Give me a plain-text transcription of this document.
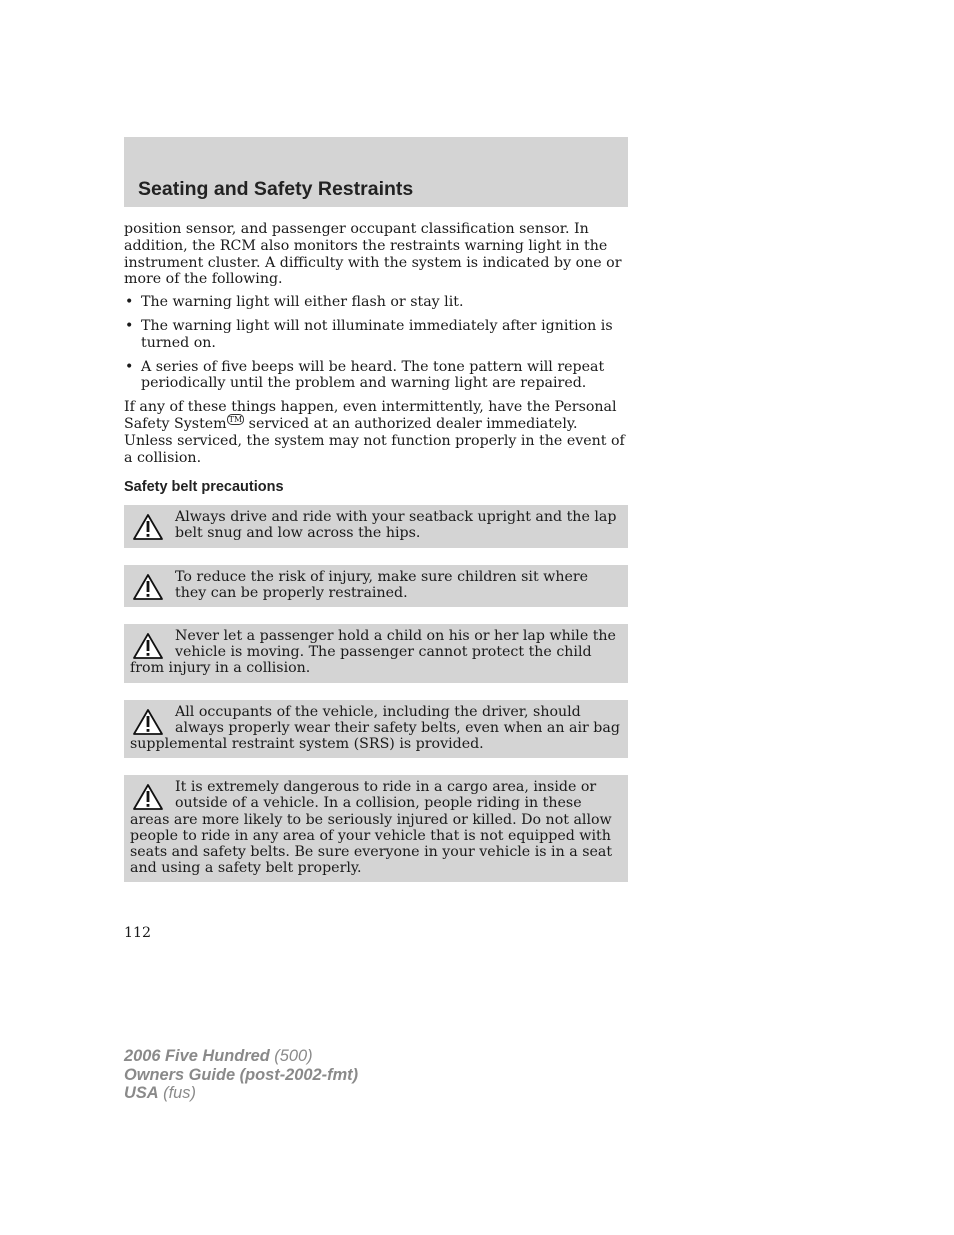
Seating and Safety Restraints

position sensor, and passenger occupant classification sensor. In addition, the RCM also monitors the restraints warning light in the instrument cluster. A difficulty with the system is indicated by one or more of the following.

• The warning light will either flash or stay lit.
• The warning light will not illuminate immediately after ignition is turned on.
• A series of five beeps will be heard. The tone pattern will repeat periodically until the problem and warning light are repaired.

If any of these things happen, even intermittently, have the Personal Safety System ™ serviced at an authorized dealer immediately. Unless serviced, the system may not function properly in the event of a collision.

Safety belt precautions

Always drive and ride with your seatback upright and the lap belt snug and low across the hips.
To reduce the risk of injury, make sure children sit where they can be properly restrained.
Never let a passenger hold a child on his or her lap while the vehicle is moving. The passenger cannot protect the child from injury in a collision.
All occupants of the vehicle, including the driver, should always properly wear their safety belts, even when an air bag supplemental restraint system (SRS) is provided.
It is extremely dangerous to ride in a cargo area, inside or outside of a vehicle. In a collision, people riding in these areas are more likely to be seriously injured or killed. Do not allow people to ride in any area of your vehicle that is not equipped with seats and safety belts. Be sure everyone in your vehicle is in a seat and using a safety belt properly.
112
2006 Five Hundred (500)
Owners Guide (post-2002-fmt)
USA (fus)
